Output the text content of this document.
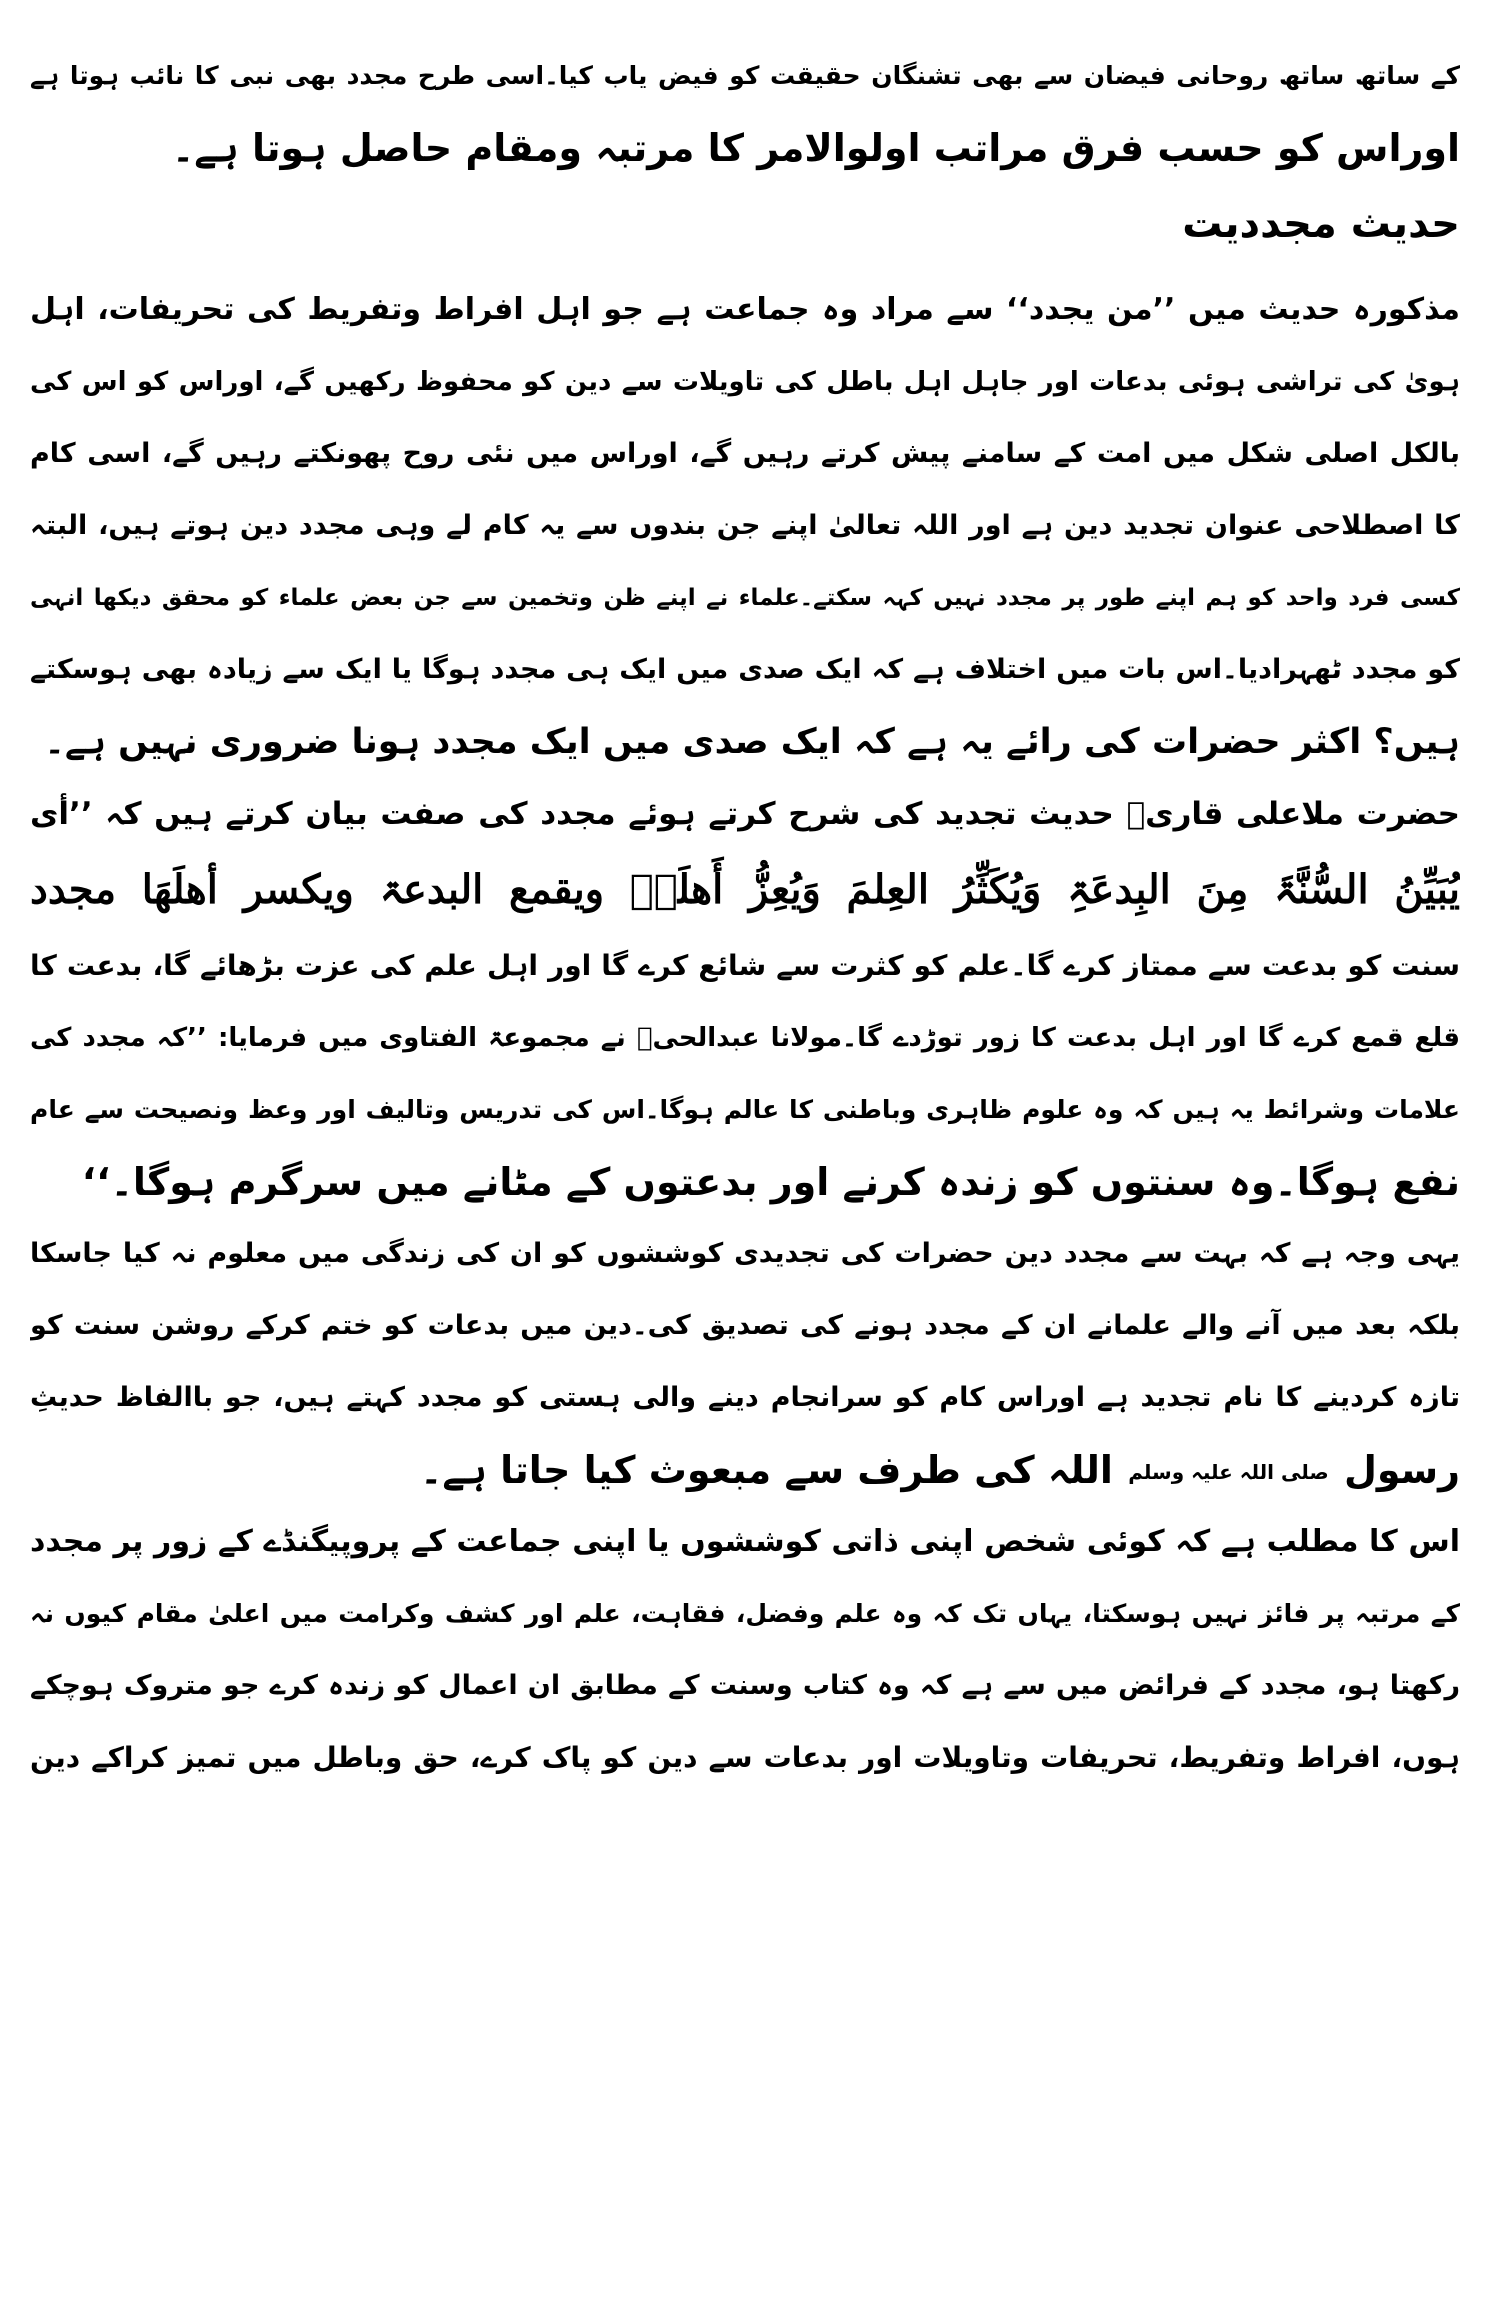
کے ساتھ ساتھ روحانی فیضان سے بھی تشنگان حقیقت کو فیض یاب کیا۔اسی طرح مجدد بھی نبی کا نائب ہوتا ہے
اوراس کو حسب فرق مراتب اولوالامر کا مرتبہ ومقام حاصل ہوتا ہے۔
حدیث مجددیت
مذکورہ حدیث میں ’’من یجدد‘‘ سے مراد وہ جماعت ہے جو اہل افراط وتفریط کی تحریفات، اہل
ہویٰ کی تراشی ہوئی بدعات اور جاہل اہل باطل کی تاویلات سے دین کو محفوظ رکھیں گے، اوراس کو اس کی
بالکل اصلی شکل میں امت کے سامنے پیش کرتے رہیں گے، اوراس میں نئی روح پھونکتے رہیں گے، اسی کام
کا اصطلاحی عنوان تجدید دین ہے اور اللہ تعالیٰ اپنے جن بندوں سے یہ کام لے وہی مجدد دین ہوتے ہیں، البتہ
کسی فرد واحد کو ہم اپنے طور پر مجدد نہیں کہہ سکتے۔علماء نے اپنے ظن وتخمین سے جن بعض علماء کو محقق دیکھا انہی
کو مجدد ٹھہرادیا۔اس بات میں اختلاف ہے کہ ایک صدی میں ایک ہی مجدد ہوگا یا ایک سے زیادہ بھی ہوسکتے
ہیں؟ اکثر حضرات کی رائے یہ ہے کہ ایک صدی میں ایک مجدد ہونا ضروری نہیں ہے۔
حضرت ملاعلی قاریؒ حدیث تجدید کی شرح کرتے ہوئے مجدد کی صفت بیان کرتے ہیں کہ ’’أی
یُبَیِّنُ السُّنَّۃَ مِنَ البِدعَۃِ وَیُکَثِّرُ العِلمَ وَیُعِزُّ أَھلَہٗ ویقمع البدعۃ ویکسر أھلَھَا مجدد
سنت کو بدعت سے ممتاز کرے گا۔علم کو کثرت سے شائع کرے گا اور اہل علم کی عزت بڑھائے گا، بدعت کا
قلع قمع کرے گا اور اہل بدعت کا زور توڑدے گا۔مولانا عبدالحیؒ نے مجموعۃ الفتاوی میں فرمایا: ’’کہ مجدد کی
علامات وشرائط یہ ہیں کہ وہ علوم ظاہری وباطنی کا عالم ہوگا۔اس کی تدریس وتالیف اور وعظ ونصیحت سے عام
نفع ہوگا۔وہ سنتوں کو زندہ کرنے اور بدعتوں کے مٹانے میں سرگرم ہوگا۔‘‘
یہی وجہ ہے کہ بہت سے مجدد دین حضرات کی تجدیدی کوششوں کو ان کی زندگی میں معلوم نہ کیا جاسکا
بلکہ بعد میں آنے والے علمانے ان کے مجدد ہونے کی تصدیق کی۔دین میں بدعات کو ختم کرکے روشن سنت کو
تازہ کردینے کا نام تجدید ہے اوراس کام کو سرانجام دینے والی ہستی کو مجدد کہتے ہیں، جو باالفاظ حدیثِ
رسول صلی اللہ علیہ وسلم اللہ کی طرف سے مبعوث کیا جاتا ہے۔
اس کا مطلب ہے کہ کوئی شخص اپنی ذاتی کوششوں یا اپنی جماعت کے پروپیگنڈے کے زور پر مجدد
کے مرتبہ پر فائز نہیں ہوسکتا، یہاں تک کہ وہ علم وفضل، فقاہت، علم اور کشف وکرامت میں اعلیٰ مقام کیوں نہ
رکھتا ہو، مجدد کے فرائض میں سے ہے کہ وہ کتاب وسنت کے مطابق ان اعمال کو زندہ کرے جو متروک ہوچکے
ہوں، افراط وتفریط، تحریفات وتاویلات اور بدعات سے دین کو پاک کرے، حق وباطل میں تمیز کراکے دین
